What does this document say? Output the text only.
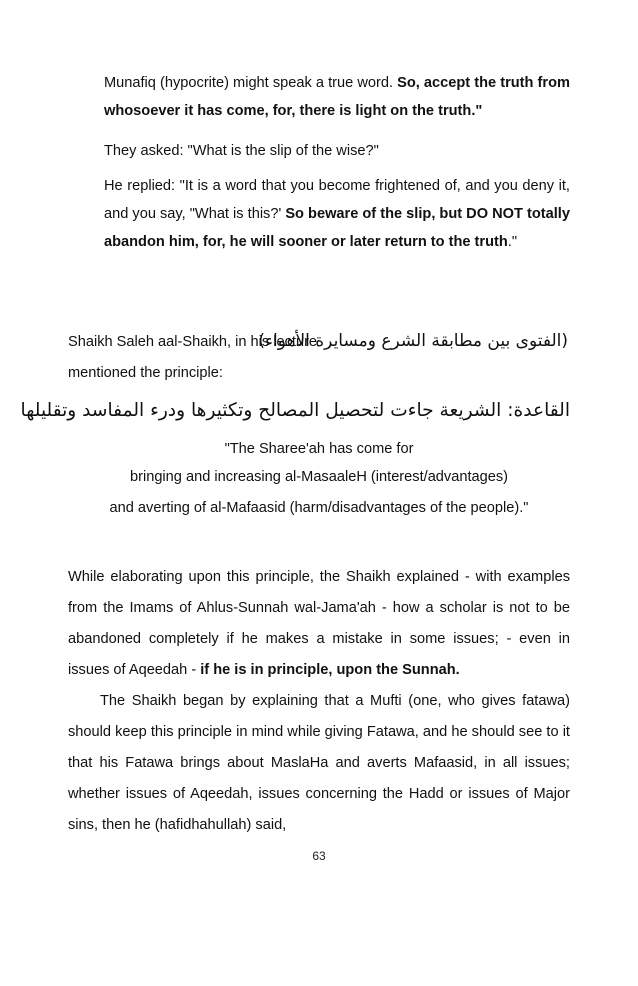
Munafiq (hypocrite) might speak a true word. So, accept the truth from whosoever it has come, for, there is light on the truth."

They asked: "What is the slip of the wise?"

He replied: "It is a word that you become frightened of, and you deny it, and you say, "What is this?' So beware of the slip, but DO NOT totally abandon him, for, he will sooner or later return to the truth."

Shaikh Saleh aal-Shaikh, in his lecture

(الفتوى بين مطابقة الشرع ومسايرة الأهواء)

mentioned the principle:

القاعدة: الشريعة جاءت لتحصيل المصالح وتكثيرها ودرء المفاسد وتقليلها

"The Sharee'ah has come for

bringing and increasing al-MasaaleH (interest/advantages)

and averting of al-Mafaasid (harm/disadvantages of the people)."

While elaborating upon this principle, the Shaikh explained - with examples from the Imams of Ahlus-Sunnah wal-Jama'ah - how a scholar is not to be abandoned completely if he makes a mistake in some issues; - even in issues of Aqeedah - if he is in principle, upon the Sunnah.

The Shaikh began by explaining that a Mufti (one, who gives fatawa) should keep this principle in mind while giving Fatawa, and he should see to it that his Fatawa brings about MaslaHa and averts Mafaasid, in all issues; whether issues of Aqeedah, issues concerning the Hadd or issues of Major sins, then he (hafidhahullah) said,

63
